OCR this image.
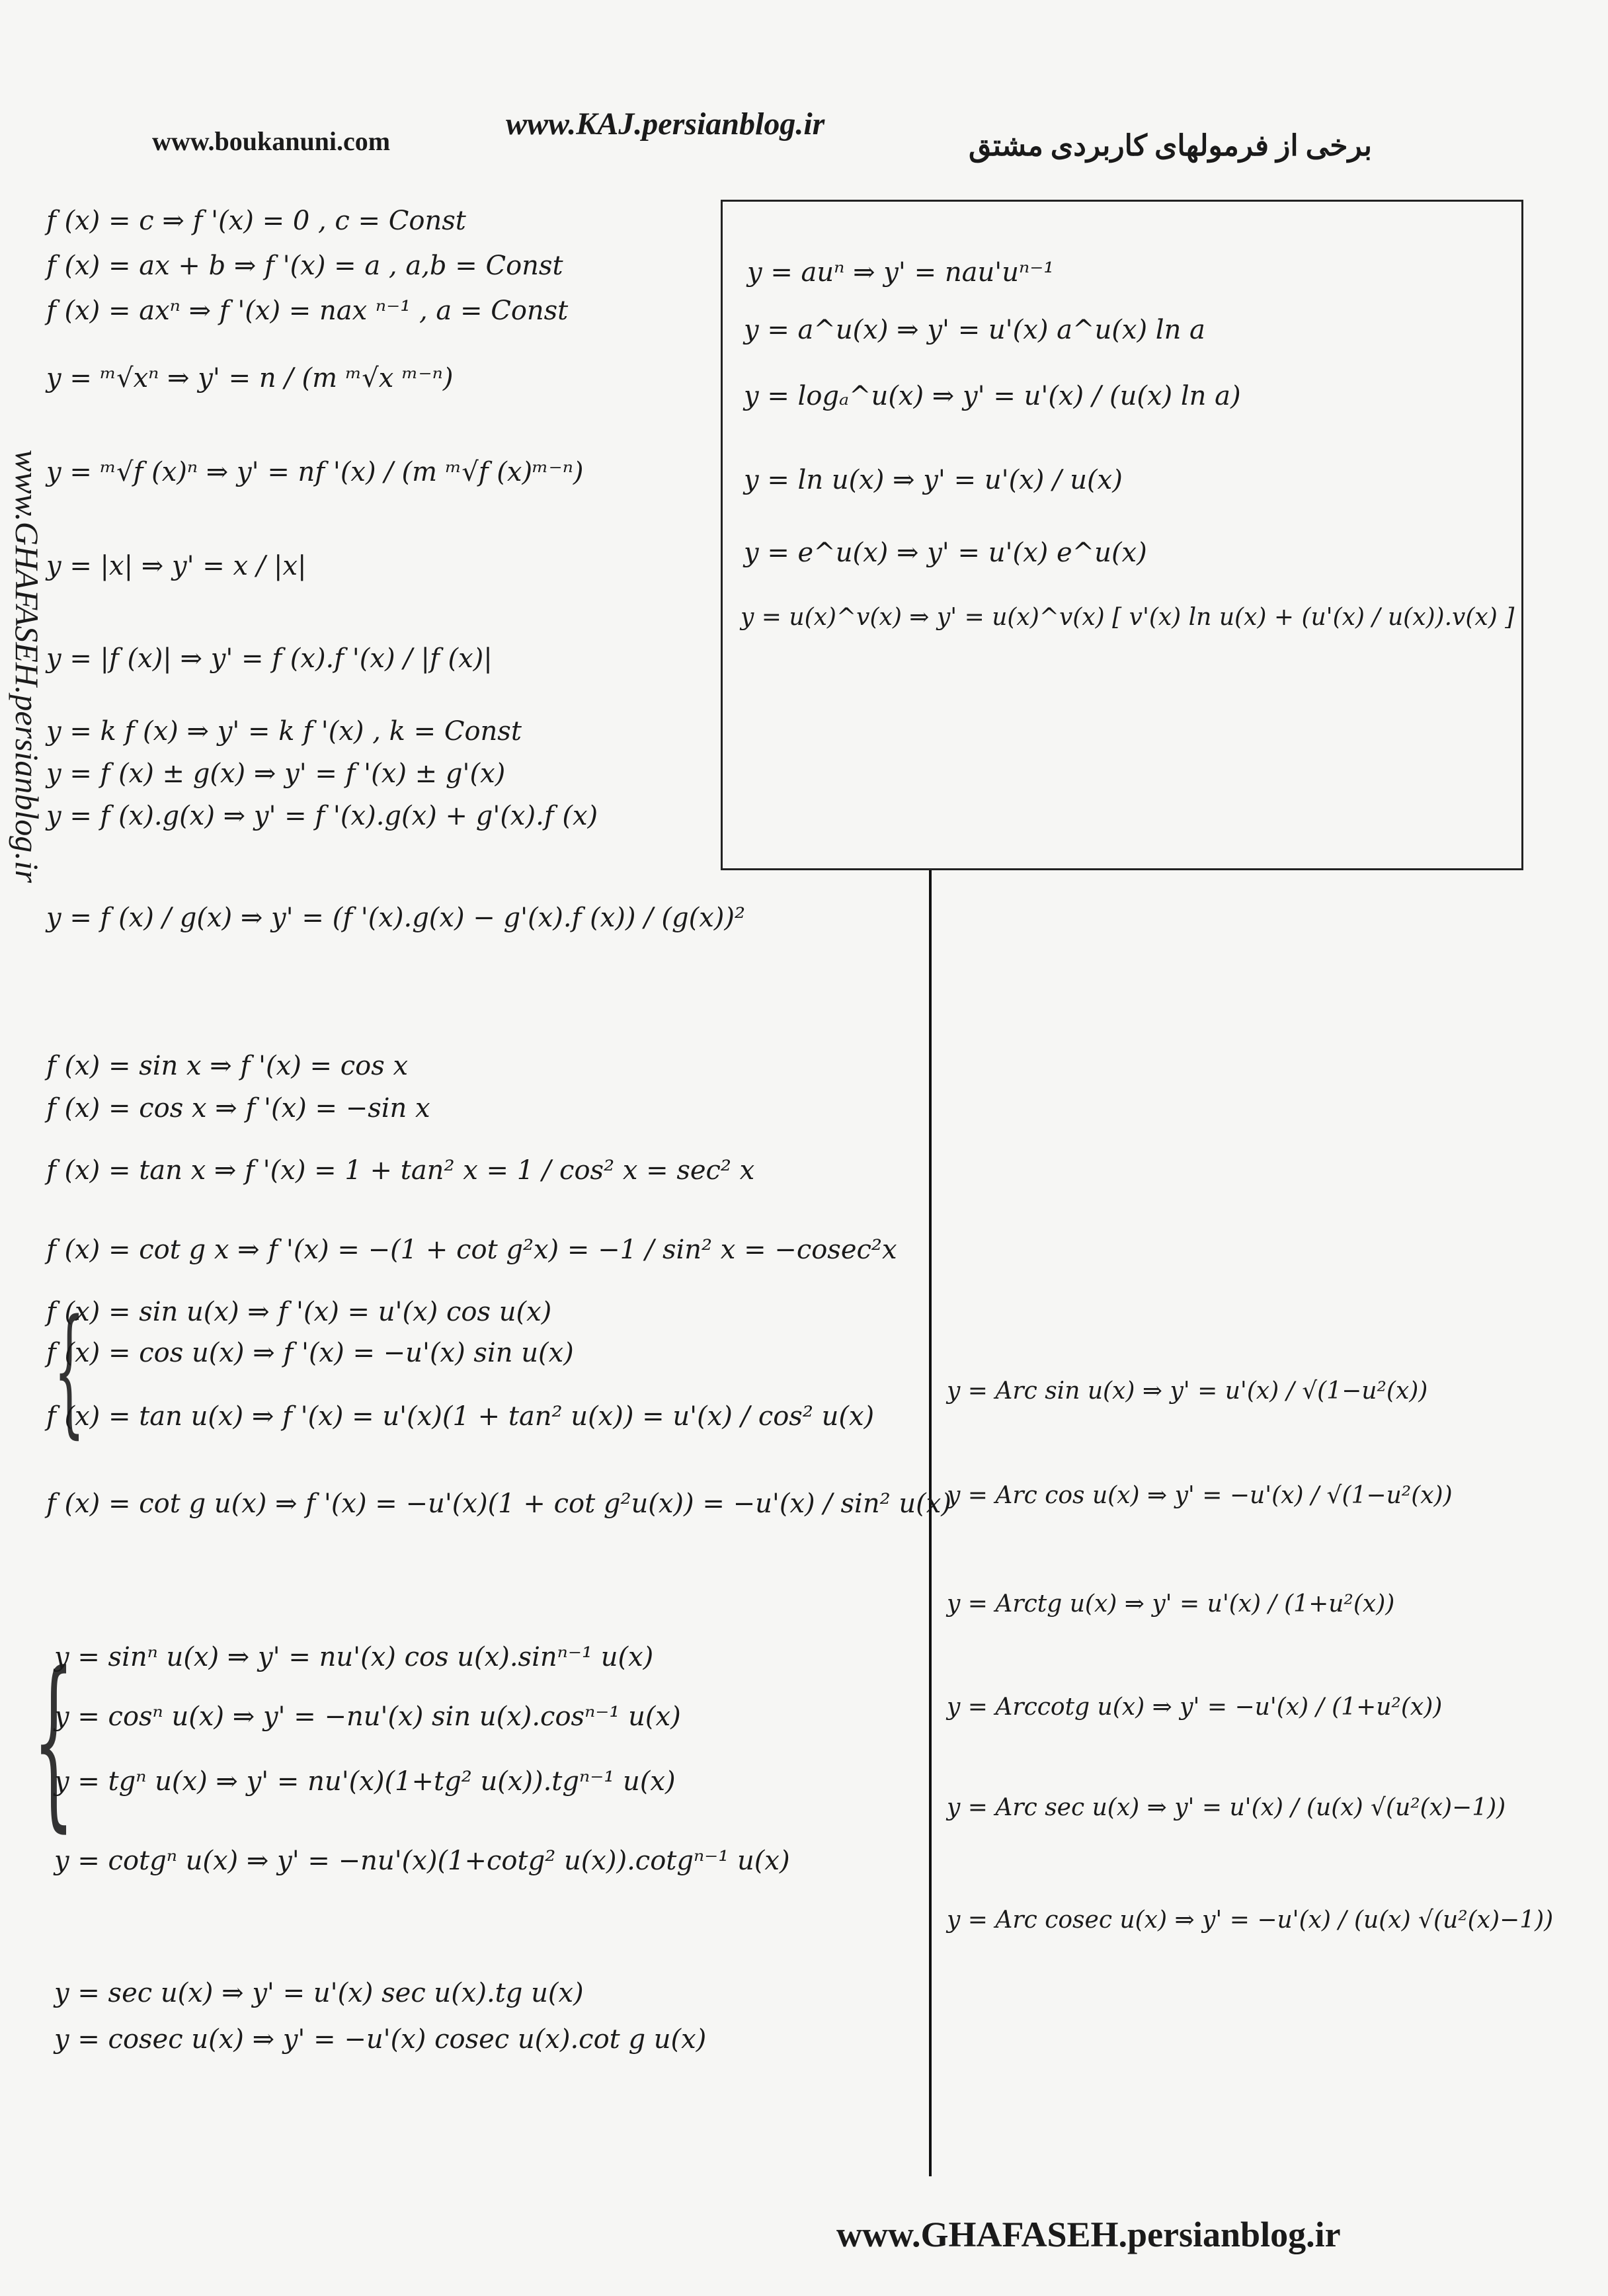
www.boukanuni.com	www.KAJ.persianblog.ir
برخی از فرمولهای کاربردی مشتق
www.GHAFASEH.persianblog.ir
{
{
f (x) = c ⇒ f '(x) = 0 , c = Const
f (x) = ax + b ⇒ f '(x) = a , a,b = Const
f (x) = axⁿ ⇒ f '(x) = nax ⁿ⁻¹ , a = Const
y = ᵐ√xⁿ ⇒ y' = n / (m ᵐ√x ᵐ⁻ⁿ)
y = ᵐ√f (x)ⁿ ⇒ y' = nf '(x) / (m ᵐ√f (x)ᵐ⁻ⁿ)
y = |x| ⇒ y' = x / |x|
y = |f (x)| ⇒ y' = f (x).f '(x) / |f (x)|
y = k f (x) ⇒ y' = k f '(x) , k = Const
y = f (x) ± g(x) ⇒ y' = f '(x) ± g'(x)
y = f (x).g(x) ⇒ y' = f '(x).g(x) + g'(x).f (x)
y = f (x) / g(x) ⇒ y' = (f '(x).g(x) − g'(x).f (x)) / (g(x))²
f (x) = sin x ⇒ f '(x) = cos x
f (x) = cos x ⇒ f '(x) = −sin x
f (x) = tan x ⇒ f '(x) = 1 + tan² x = 1 / cos² x = sec² x
f (x) = cot g x ⇒ f '(x) = −(1 + cot g²x) = −1 / sin² x = −cosec²x
f (x) = sin u(x) ⇒ f '(x) = u'(x) cos u(x)
f (x) = cos u(x) ⇒ f '(x) = −u'(x) sin u(x)
f (x) = tan u(x) ⇒ f '(x) = u'(x)(1 + tan² u(x)) = u'(x) / cos² u(x)
f (x) = cot g u(x) ⇒ f '(x) = −u'(x)(1 + cot g²u(x)) = −u'(x) / sin² u(x)
y = sinⁿ u(x) ⇒ y' = nu'(x) cos u(x).sinⁿ⁻¹ u(x)
y = cosⁿ u(x) ⇒ y' = −nu'(x) sin u(x).cosⁿ⁻¹ u(x)
y = tgⁿ u(x) ⇒ y' = nu'(x)(1+tg² u(x)).tgⁿ⁻¹ u(x)
y = cotgⁿ u(x) ⇒ y' = −nu'(x)(1+cotg² u(x)).cotgⁿ⁻¹ u(x)
y = sec u(x) ⇒ y' = u'(x) sec u(x).tg u(x)
y = cosec u(x) ⇒ y' = −u'(x) cosec u(x).cot g u(x)
y = auⁿ ⇒ y' = nau'uⁿ⁻¹
y = a^u(x) ⇒ y' = u'(x) a^u(x) ln a
y = logₐ^u(x) ⇒ y' = u'(x) / (u(x) ln a)
y = ln u(x) ⇒ y' = u'(x) / u(x)
y = e^u(x) ⇒ y' = u'(x) e^u(x)
y = u(x)^v(x) ⇒ y' = u(x)^v(x) [ v'(x) ln u(x) + (u'(x) / u(x)).v(x) ]
y = Arc sin u(x) ⇒ y' = u'(x) / √(1−u²(x))
y = Arc cos u(x) ⇒ y' = −u'(x) / √(1−u²(x))
y = Arctg u(x) ⇒ y' = u'(x) / (1+u²(x))
y = Arccotg u(x) ⇒ y' = −u'(x) / (1+u²(x))
y = Arc sec u(x) ⇒ y' = u'(x) / (u(x) √(u²(x)−1))
y = Arc cosec u(x) ⇒ y' = −u'(x) / (u(x) √(u²(x)−1))
www.GHAFASEH.persianblog.ir
